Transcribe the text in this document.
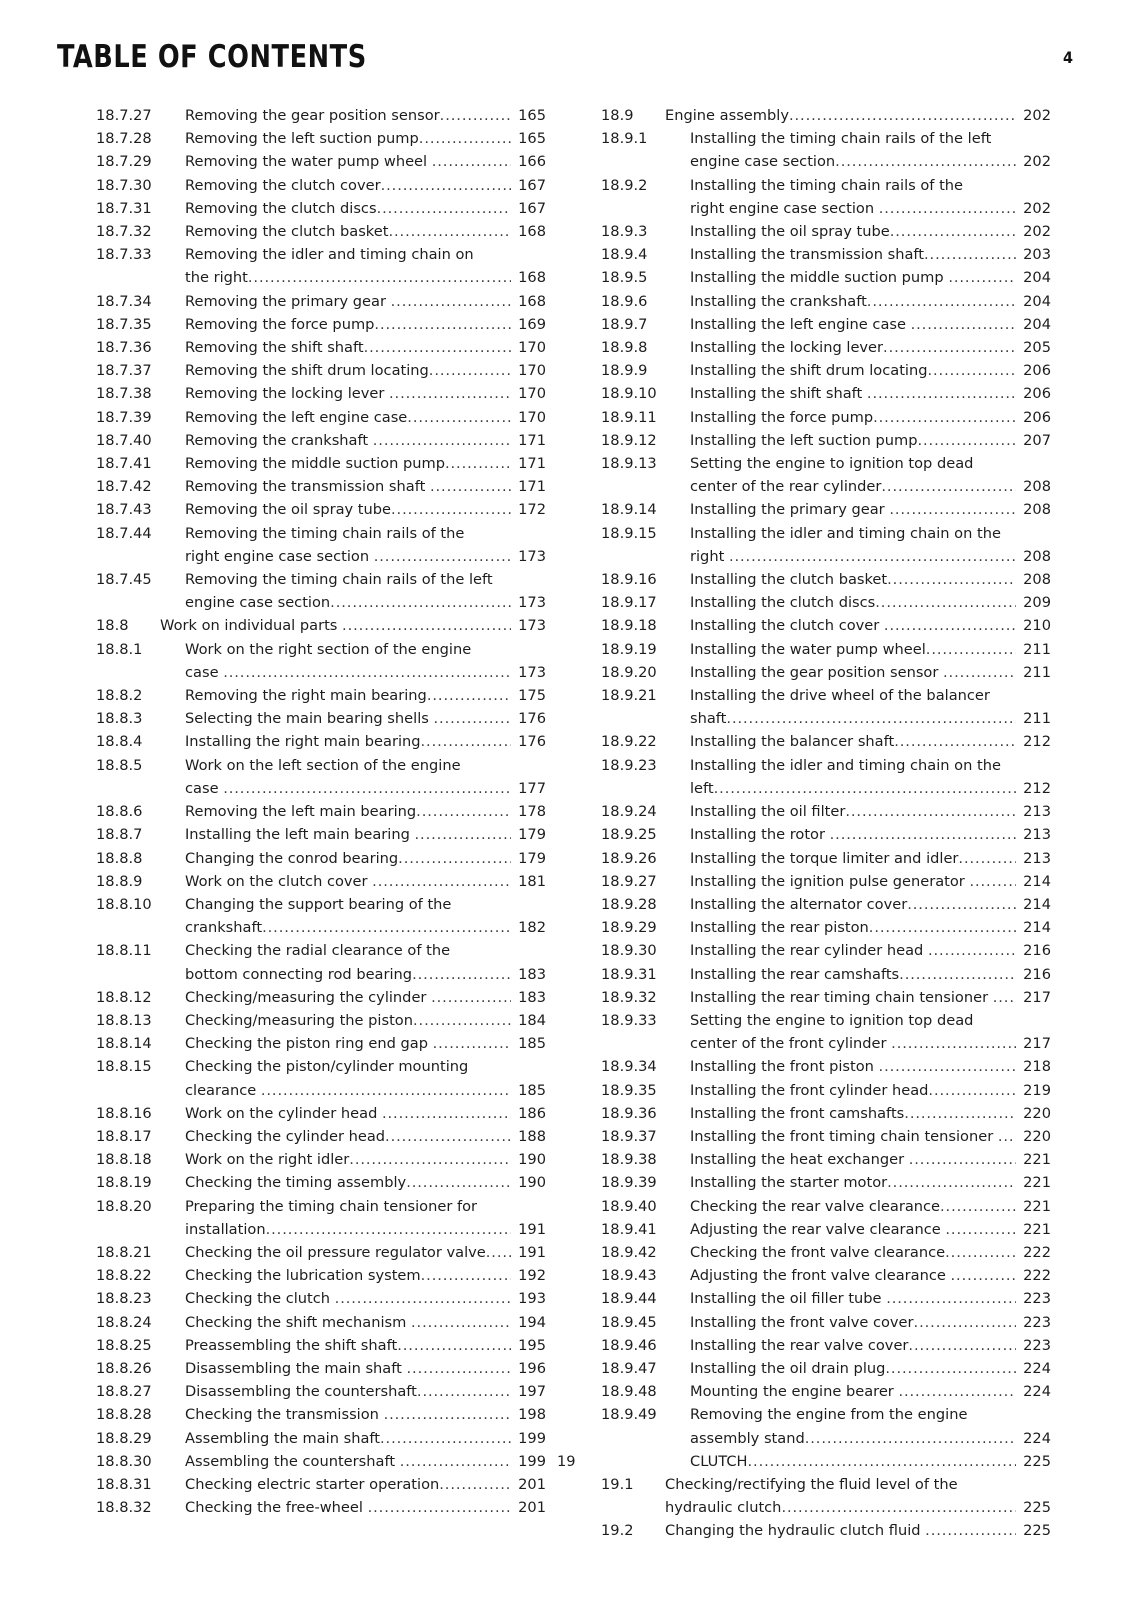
TABLE OF CONTENTS	4
18.7.27 Removing the gear position sensor .....	165
18.7.28 Removing the left suction pump .....	165
18.7.29 Removing the water pump wheel .....	166
18.7.30 Removing the clutch cover .....	167
18.7.31 Removing the clutch discs .....	167
18.7.32 Removing the clutch basket .....	168
18.7.33 Removing the idler and timing chain on
the right .....	168
18.7.34 Removing the primary gear .....	168
18.7.35 Removing the force pump .....	169
18.7.36 Removing the shift shaft .....	170
18.7.37 Removing the shift drum locating .....	170
18.7.38 Removing the locking lever .....	170
18.7.39 Removing the left engine case .....	170
18.7.40 Removing the crankshaft .....	171
18.7.41 Removing the middle suction pump .....	171
18.7.42 Removing the transmission shaft .....	171
18.7.43 Removing the oil spray tube .....	172
18.7.44 Removing the timing chain rails of the
right engine case section .....	173
18.7.45 Removing the timing chain rails of the left
engine case section .....	173
18.8 Work on individual parts .....	173
18.8.1	Work on the right section of the engine
case .....	173
18.8.2	Removing the right main bearing .....	175
18.8.3	Selecting the main bearing shells .....	176
18.8.4	Installing the right main bearing .....	176
18.8.5	Work on the left section of the engine
case .....	177
18.8.6	Removing the left main bearing .....	178
18.8.7	Installing the left main bearing .....	179
18.8.8	Changing the conrod bearing .....	179
18.8.9	Work on the clutch cover .....	181
18.8.10 Changing the support bearing of the
crankshaft .....	182
18.8.11 Checking the radial clearance of the
bottom connecting rod bearing .....	183
18.8.12 Checking/measuring the cylinder .....	183
18.8.13 Checking/measuring the piston .....	184
18.8.14 Checking the piston ring end gap .....	185
18.8.15 Checking the piston/cylinder mounting
clearance .....	185
18.8.16 Work on the cylinder head .....	186
18.8.17 Checking the cylinder head .....	188
18.8.18 Work on the right idler .....	190
18.8.19 Checking the timing assembly .....	190
18.8.20 Preparing the timing chain tensioner for
installation .....	191
18.8.21 Checking the oil pressure regulator valve .....	191
18.8.22 Checking the lubrication system .....	192
18.8.23 Checking the clutch .....	193
18.8.24 Checking the shift mechanism .....	194
18.8.25 Preassembling the shift shaft .....	195
18.8.26 Disassembling the main shaft .....	196
18.8.27 Disassembling the countershaft .....	197
18.8.28 Checking the transmission .....	198
18.8.29 Assembling the main shaft .....	199
18.8.30 Assembling the countershaft .....	199
18.8.31 Checking electric starter operation .....	201
18.8.32 Checking the free-wheel .....	201
18.9 Engine assembly .....	202
18.9.1	Installing the timing chain rails of the left
engine case section .....	202
18.9.2	Installing the timing chain rails of the
right engine case section .....	202
18.9.3	Installing the oil spray tube .....	202
18.9.4	Installing the transmission shaft .....	203
18.9.5	Installing the middle suction pump .....	204
18.9.6	Installing the crankshaft .....	204
18.9.7	Installing the left engine case .....	204
18.9.8	Installing the locking lever .....	205
18.9.9	Installing the shift drum locating .....	206
18.9.10 Installing the shift shaft .....	206
18.9.11 Installing the force pump .....	206
18.9.12 Installing the left suction pump .....	207
18.9.13 Setting the engine to ignition top dead
center of the rear cylinder .....	208
18.9.14 Installing the primary gear .....	208
18.9.15 Installing the idler and timing chain on the
right .....	208
18.9.16 Installing the clutch basket .....	208
18.9.17 Installing the clutch discs .....	209
18.9.18 Installing the clutch cover .....	210
18.9.19 Installing the water pump wheel .....	211
18.9.20 Installing the gear position sensor .....	211
18.9.21 Installing the drive wheel of the balancer
shaft .....	211
18.9.22 Installing the balancer shaft .....	212
18.9.23 Installing the idler and timing chain on the
left .....	212
18.9.24 Installing the oil filter .....	213
18.9.25 Installing the rotor .....	213
18.9.26 Installing the torque limiter and idler .....	213
18.9.27 Installing the ignition pulse generator .....	214
18.9.28 Installing the alternator cover .....	214
18.9.29 Installing the rear piston .....	214
18.9.30 Installing the rear cylinder head .....	216
18.9.31 Installing the rear camshafts .....	216
18.9.32 Installing the rear timing chain tensioner .....	217
18.9.33 Setting the engine to ignition top dead
center of the front cylinder .....	217
18.9.34 Installing the front piston .....	218
18.9.35 Installing the front cylinder head .....	219
18.9.36 Installing the front camshafts .....	220
18.9.37 Installing the front timing chain tensioner .....	220
18.9.38 Installing the heat exchanger .....	221
18.9.39 Installing the starter motor .....	221
18.9.40 Checking the rear valve clearance .....	221
18.9.41 Adjusting the rear valve clearance .....	221
18.9.42 Checking the front valve clearance .....	222
18.9.43 Adjusting the front valve clearance .....	222
18.9.44 Installing the oil filler tube .....	223
18.9.45 Installing the front valve cover .....	223
18.9.46 Installing the rear valve cover .....	223
18.9.47 Installing the oil drain plug .....	224
18.9.48 Mounting the engine bearer .....	224
18.9.49 Removing the engine from the engine
assembly stand .....	224
19	CLUTCH .....	225
19.1 Checking/rectifying the fluid level of the
hydraulic clutch .....	225
19.2 Changing the hydraulic clutch fluid .....	225
